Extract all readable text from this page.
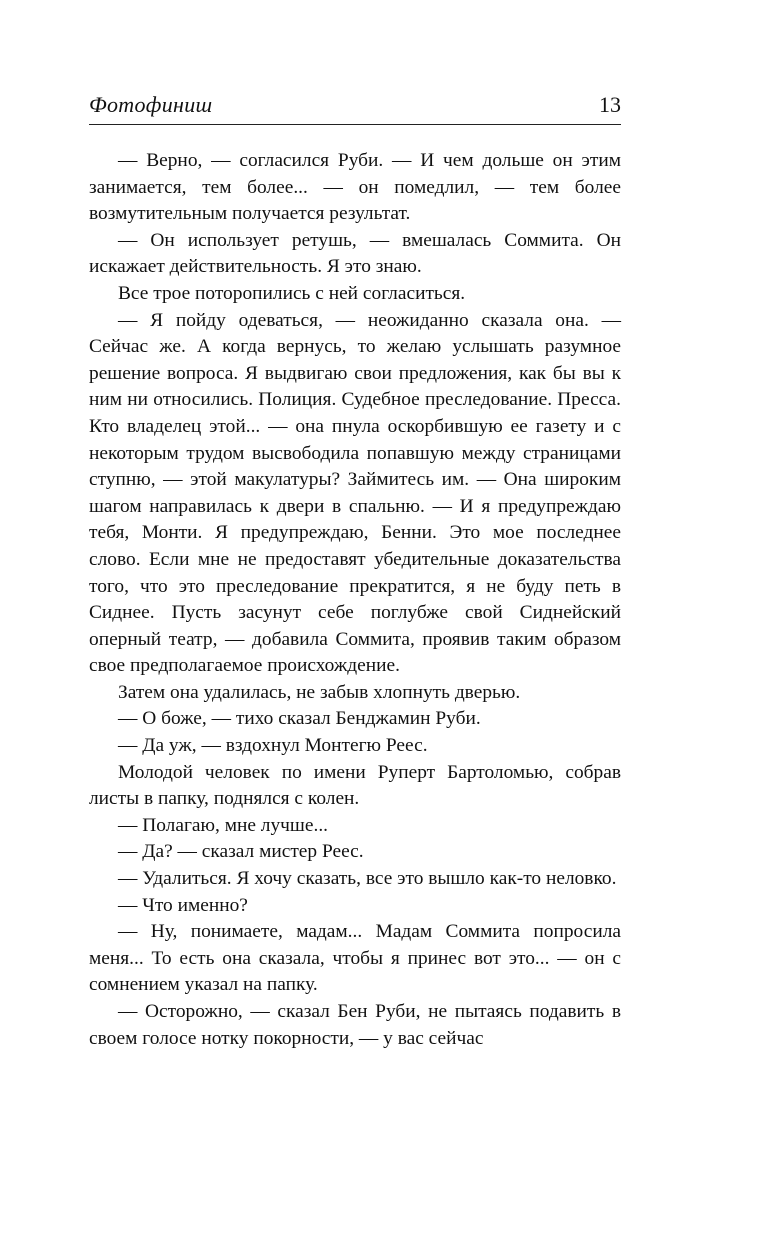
Фотофиниш	13

— Верно, — согласился Руби. — И чем дольше он этим занимается, тем более... — он помедлил, — тем более возмутительным получается результат.

— Он использует ретушь, — вмешалась Соммита. Он искажает действительность. Я это знаю.

Все трое поторопились с ней согласиться.

— Я пойду одеваться, — неожиданно сказала она. — Сейчас же. А когда вернусь, то желаю услышать разумное решение вопроса. Я выдвигаю свои предложения, как бы вы к ним ни относились. Полиция. Судебное преследование. Пресса. Кто владелец этой... — она пнула оскорбившую ее газету и с некоторым трудом высвободила попавшую между страницами ступню, — этой макулатуры? Займитесь им. — Она широким шагом направилась к двери в спальню. — И я предупреждаю тебя, Монти. Я предупреждаю, Бенни. Это мое последнее слово. Если мне не предоставят убедительные доказательства того, что это преследование прекратится, я не буду петь в Сиднее. Пусть засунут себе поглубже свой Сиднейский оперный театр, — добавила Соммита, проявив таким образом свое предполагаемое происхождение.

Затем она удалилась, не забыв хлопнуть дверью.

— О боже, — тихо сказал Бенджамин Руби.

— Да уж, — вздохнул Монтегю Реес.

Молодой человек по имени Руперт Бартоломью, собрав листы в папку, поднялся с колен.

— Полагаю, мне лучше...

— Да? — сказал мистер Реес.

— Удалиться. Я хочу сказать, все это вышло как-то неловко.

— Что именно?

— Ну, понимаете, мадам... Мадам Соммита попросила меня... То есть она сказала, чтобы я принес вот это... — он с сомнением указал на папку.

— Осторожно, — сказал Бен Руби, не пытаясь подавить в своем голосе нотку покорности, — у вас сейчас
